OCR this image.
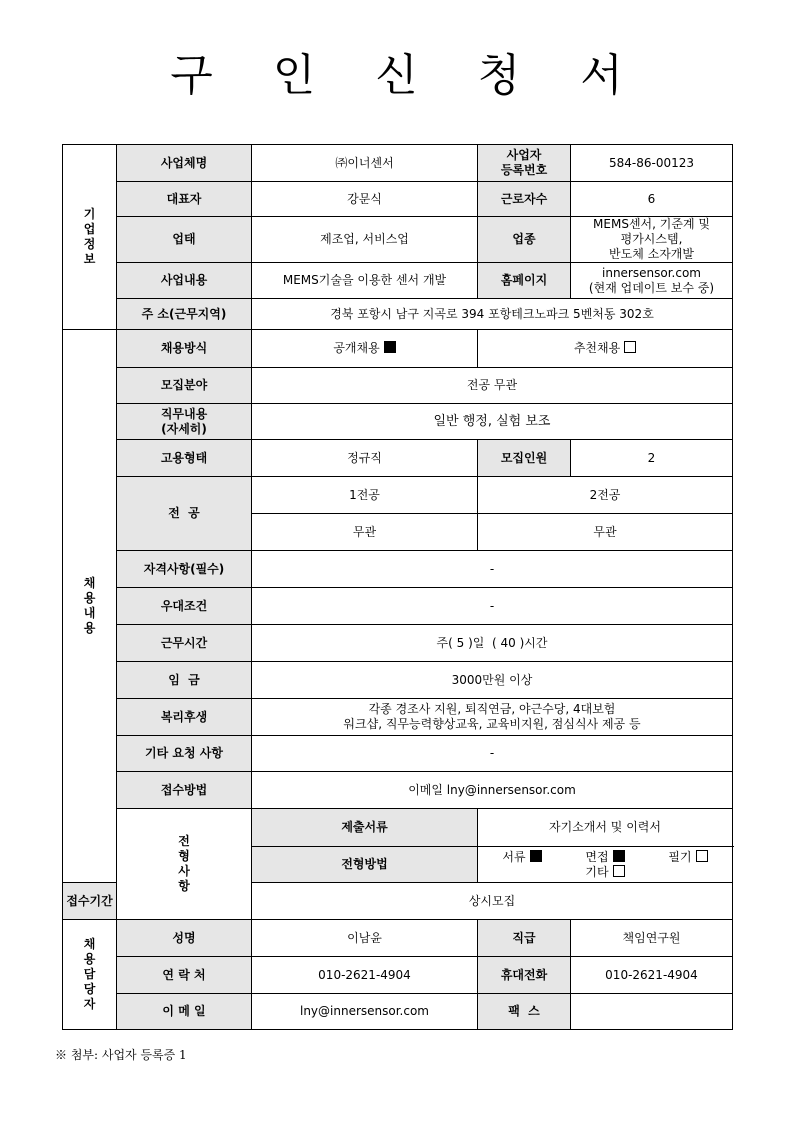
구 인 신 청 서
기
업
정
보	사업체명	㈜이너센서	사업자
등록번호	584-86-00123
	대표자	강문식	근로자수	6
	업태	제조업, 서비스업	업종	MEMS센서, 기준계 및
평가시스템,
반도체 소자개발
	사업내용	MEMS기술을 이용한 센서 개발	홈페이지	innersensor.com
(현재 업데이트 보수 중)
	주 소(근무지역)	경북 포항시 남구 지곡로 394 포항테크노파크 5벤처동 302호		

채
용
내
용	채용방식	공개채용	추천채용	
	모집분야	전공 무관		
	직무내용
(자세히)	일반 행정, 실험 보조		
	고용형태	정규직	모집인원	2
	전  공	1전공	2전공	
		무관	무관	
	자격사항(필수)	-		
	우대조건	-		
	근무시간	주( 5 )일  ( 40 )시간		
	임  금	3000만원 이상		
	복리후생	각종 경조사 지원, 퇴직연금, 야근수당, 4대보험
워크샵, 직무능력향상교육, 교육비지원, 점심식사 제공 등		
	기타 요청 사항	-		
	접수방법	이메일 lny@innersensor.com		

	전
형
사
항	제출서류	자기소개서 및 이력서	
		전형방법	서류 면접 필기 기타	
접수기간		상시모집		

채
용
담
당
자	성명	이남윤	직급	책임연구원
	연 락 처	010-2621-4904	휴대전화	010-2621-4904
	이 메 일	lny@innersensor.com	팩  스	
※ 첨부: 사업자 등록증 1
